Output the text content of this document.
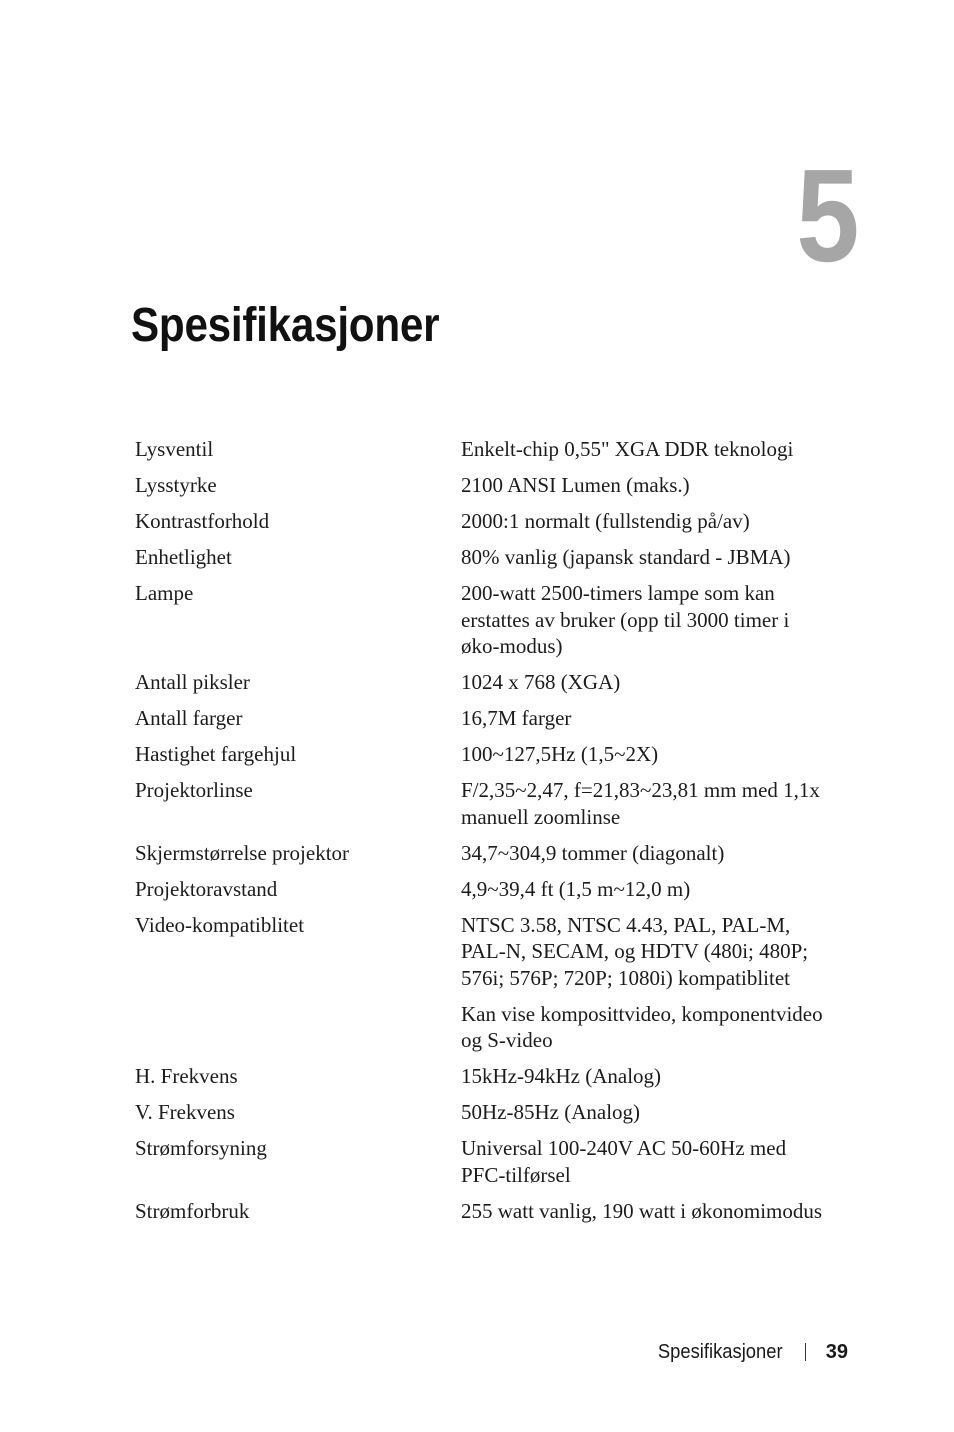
5
Spesifikasjoner
Lysventil	Enkelt-chip 0,55" XGA DDR teknologi

Lysstyrke	2100 ANSI Lumen (maks.)

Kontrastforhold	2000:1 normalt (fullstendig på/av)

Enhetlighet	80% vanlig (japansk standard - JBMA)

Lampe	200-watt 2500-timers lampe som kan erstattes av bruker (opp til 3000 timer i øko-modus)

Antall piksler	1024 x 768 (XGA)

Antall farger	16,7M farger

Hastighet fargehjul	100~127,5Hz (1,5~2X)

Projektorlinse	F/2,35~2,47, f=21,83~23,81 mm med 1,1x manuell zoomlinse

Skjermstørrelse projektor	34,7~304,9 tommer (diagonalt)

Projektoravstand	4,9~39,4 ft (1,5 m~12,0 m)

Video-kompatiblitet	NTSC 3.58, NTSC 4.43, PAL, PAL-M, PAL-N, SECAM, og HDTV (480i; 480P; 576i; 576P; 720P; 1080i) kompatiblitet
Kan vise komposittvideo, komponentvideo og S-video

H. Frekvens	15kHz-94kHz (Analog)

V. Frekvens	50Hz-85Hz (Analog)

Strømforsyning	Universal 100-240V AC 50-60Hz med PFC-tilførsel

Strømforbruk	255 watt vanlig, 190 watt i økonomimodus
Spesifikasjoner 39
